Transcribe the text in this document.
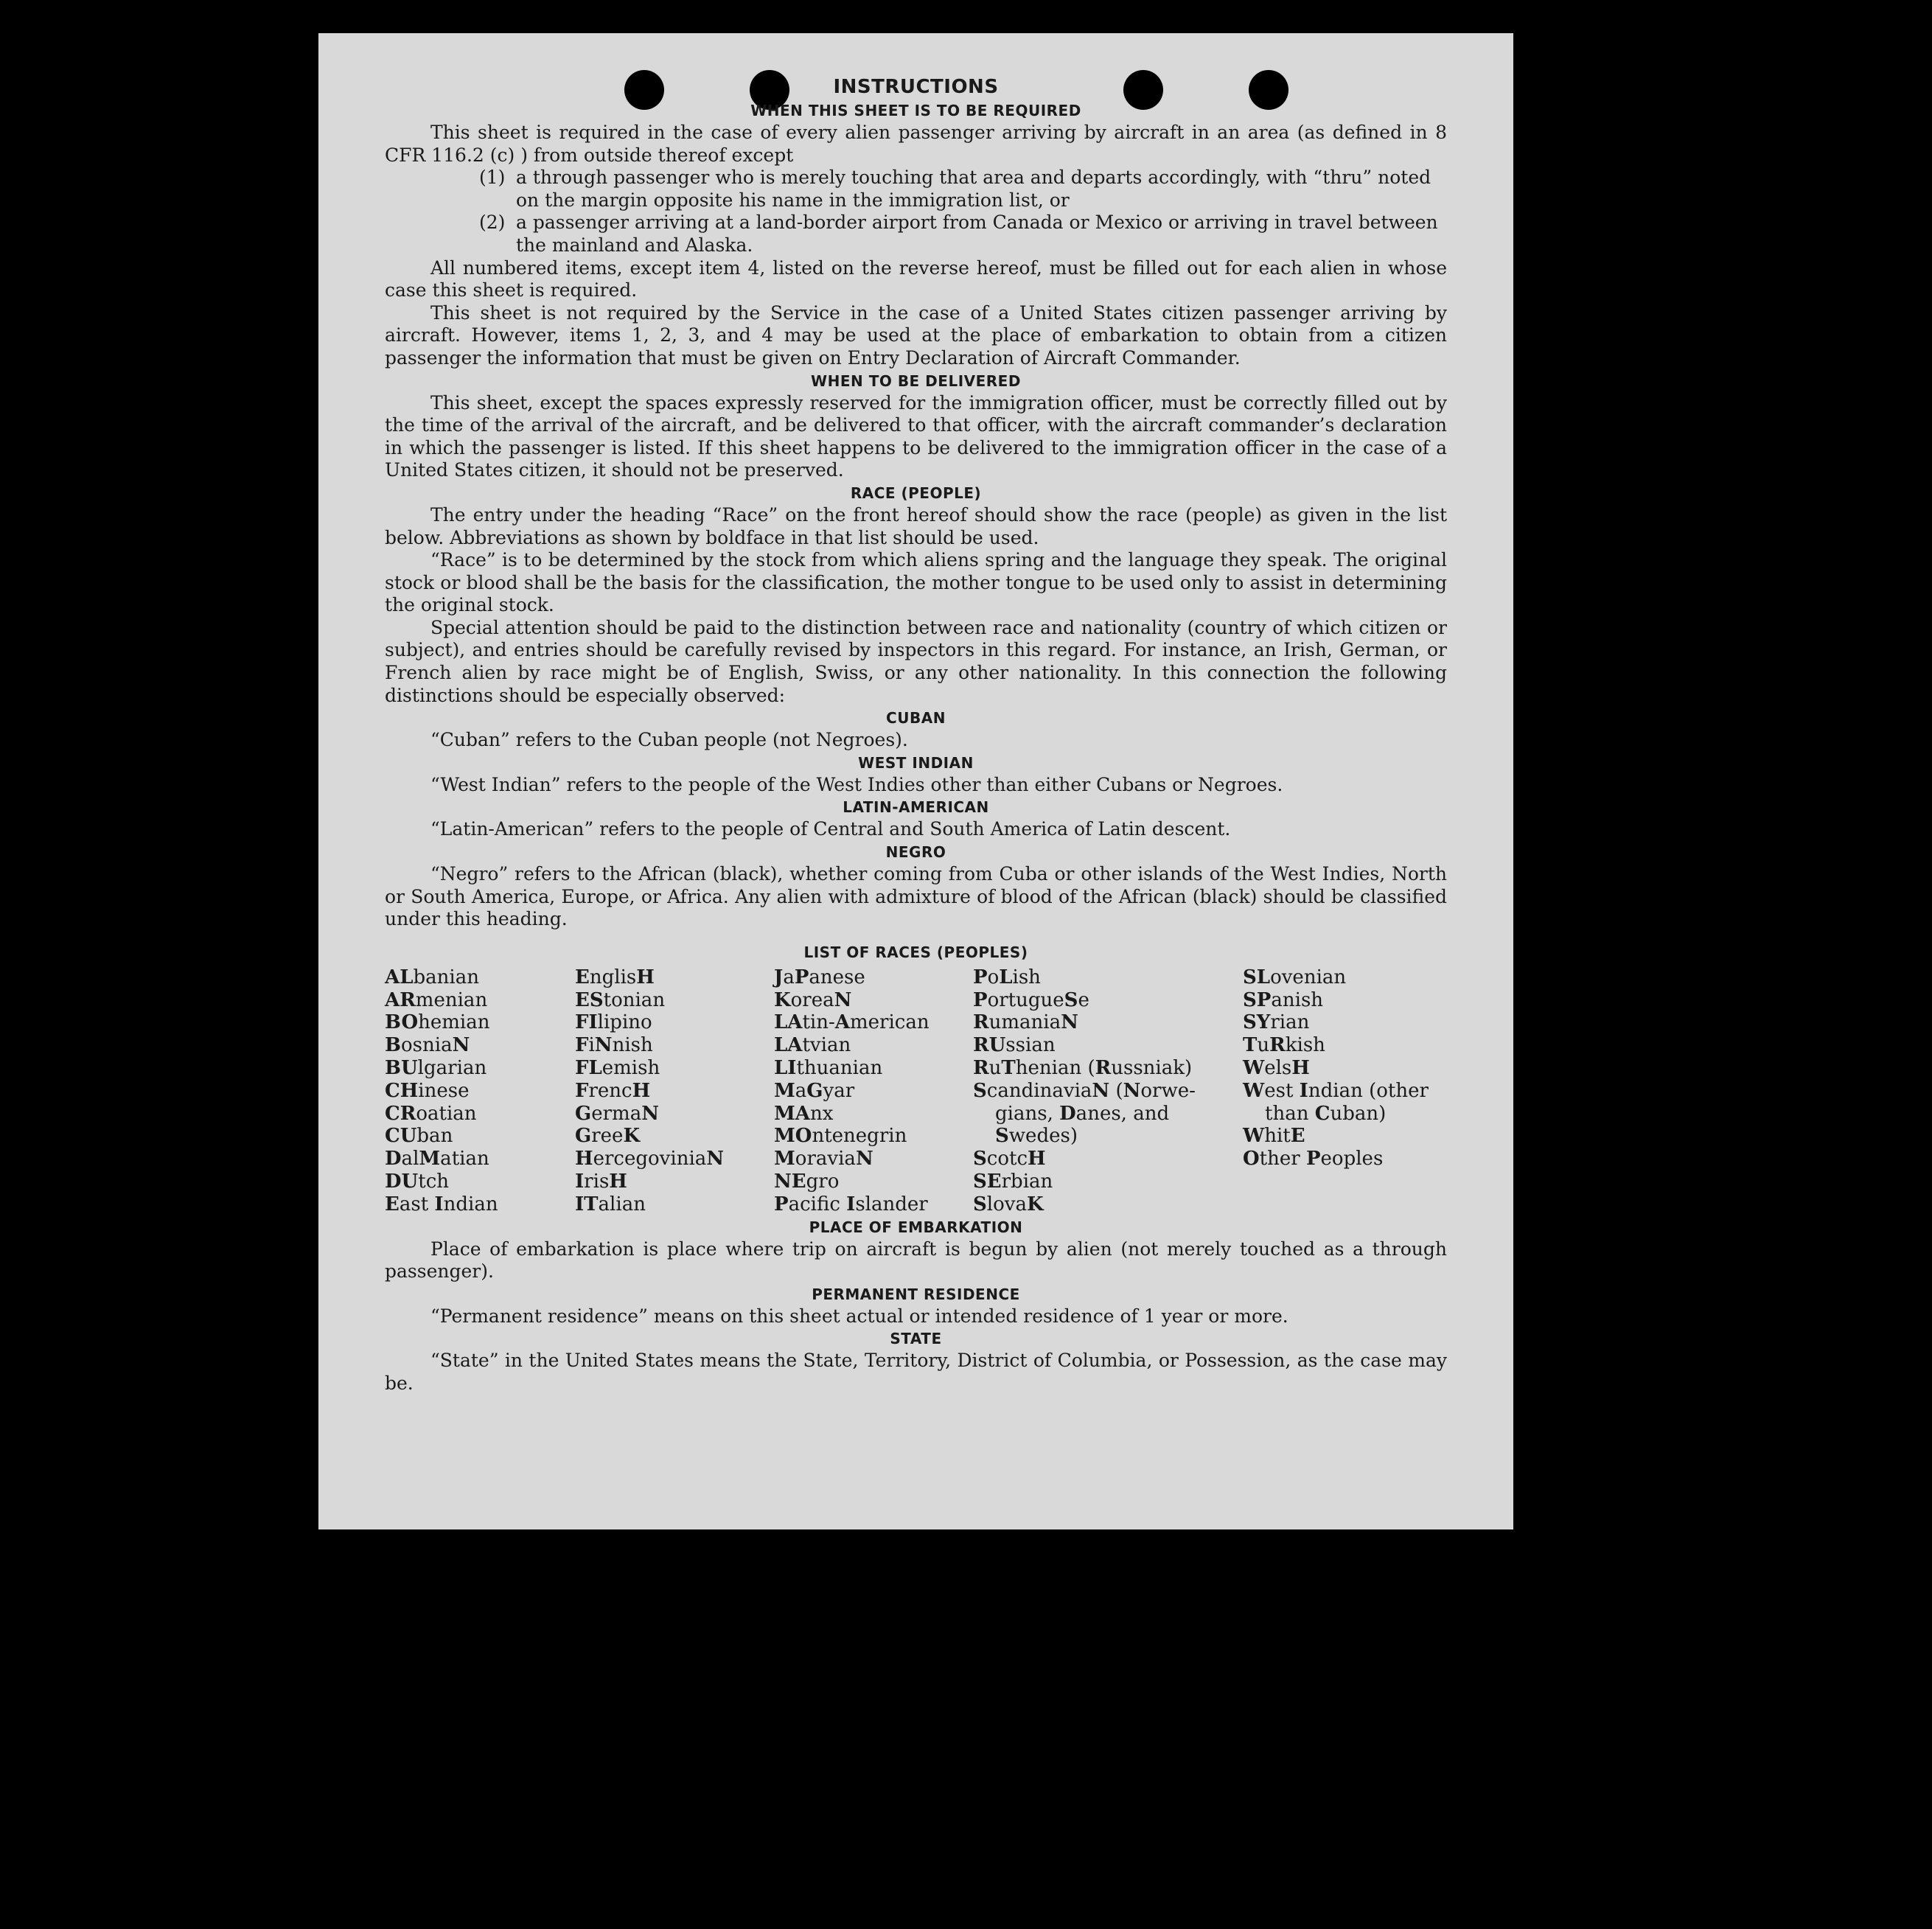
INSTRUCTIONS
WHEN THIS SHEET IS TO BE REQUIRED

This sheet is required in the case of every alien passenger arriving by aircraft in an area (as defined in 8 CFR 116.2 (c) ) from outside thereof except

(1) a through passenger who is merely touching that area and departs accordingly, with “thru” noted on the margin opposite his name in the immigration list, or
(2) a passenger arriving at a land-border airport from Canada or Mexico or arriving in travel between the mainland and Alaska.

All numbered items, except item 4, listed on the reverse hereof, must be filled out for each alien in whose case this sheet is required.

This sheet is not required by the Service in the case of a United States citizen passenger arriving by aircraft. However, items 1, 2, 3, and 4 may be used at the place of embarkation to obtain from a citizen passenger the information that must be given on Entry Declaration of Aircraft Commander.

WHEN TO BE DELIVERED

This sheet, except the spaces expressly reserved for the immigration officer, must be correctly filled out by the time of the arrival of the aircraft, and be delivered to that officer, with the aircraft commander’s declaration in which the passenger is listed. If this sheet happens to be delivered to the immigration officer in the case of a United States citizen, it should not be preserved.

RACE (PEOPLE)

The entry under the heading “Race” on the front hereof should show the race (people) as given in the list below. Abbreviations as shown by boldface in that list should be used.

“Race” is to be determined by the stock from which aliens spring and the language they speak. The original stock or blood shall be the basis for the classification, the mother tongue to be used only to assist in determining the original stock.

Special attention should be paid to the distinction between race and nationality (country of which citizen or subject), and entries should be carefully revised by inspectors in this regard. For instance, an Irish, German, or French alien by race might be of English, Swiss, or any other nationality. In this connection the following distinctions should be especially observed:

CUBAN

“Cuban” refers to the Cuban people (not Negroes).

WEST INDIAN

“West Indian” refers to the people of the West Indies other than either Cubans or Negroes.

LATIN-AMERICAN

“Latin-American” refers to the people of Central and South America of Latin descent.

NEGRO

“Negro” refers to the African (black), whether coming from Cuba or other islands of the West Indies, North or South America, Europe, or Africa. Any alien with admixture of blood of the African (black) should be classified under this heading.

LIST OF RACES (PEOPLES)
ALbanian
ARmenian
BOhemian
BosniaN
BUlgarian
CHinese
CRoatian
CUban
DalMatian
DUtch
East Indian
EnglisH
EStonian
FIlipino
FiNnish
FLemish
FrencH
GermaN
GreeK
HercegoviniaN
IrisH
ITalian
JaPanese
KoreaN
LAtin-American
LAtvian
LIthuanian
MaGyar
MAnx
MOntenegrin
MoraviaN
NEgro
Pacifc Islander
PoLish
PortugueSe
RumaniaN
RUssian
RuThenian (Russniak)
ScandinaviaN (Norwe-
gians, Danes, and
Swedes)
ScotcH
SErbian
SlovaK
SLovenian
SPanish
SYrian
TuRkish
WelsH
West Indian (other
than Cuban)
WhitE
Other Peoples
PLACE OF EMBARKATION

Place of embarkation is place where trip on aircraft is begun by alien (not merely touched as a through passenger).

PERMANENT RESIDENCE

“Permanent residence” means on this sheet actual or intended residence of 1 year or more.

STATE

“State” in the United States means the State, Territory, District of Columbia, or Possession, as the case may be.
